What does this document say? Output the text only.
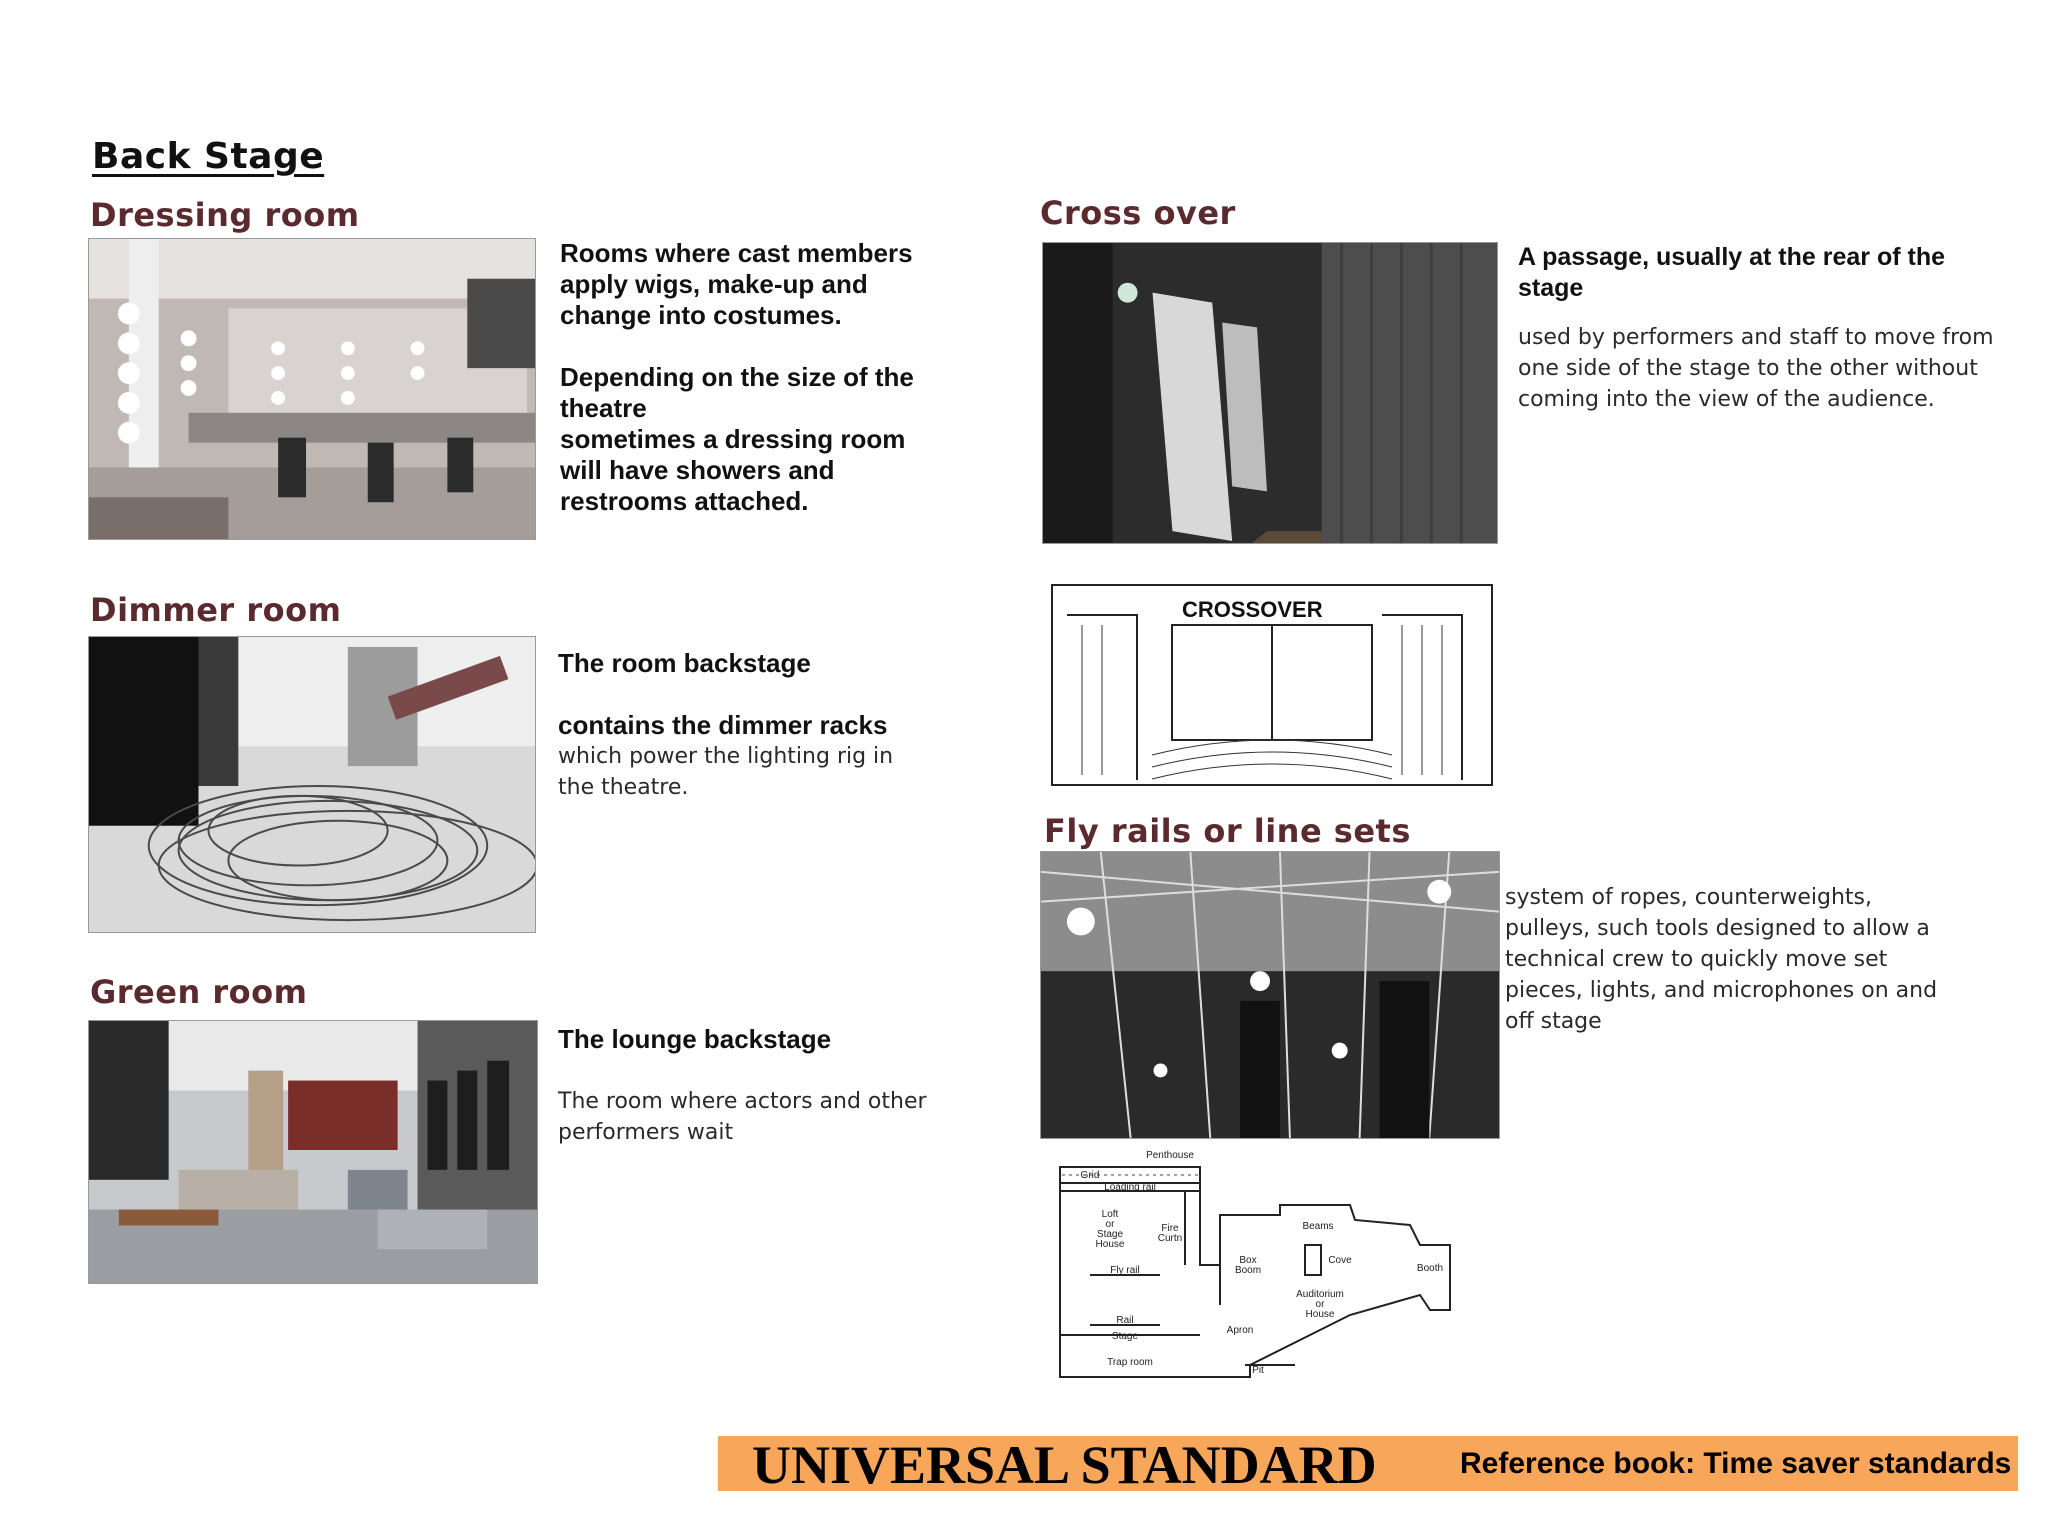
Back Stage
Dressing room
Rooms where cast members
apply wigs, make-up and
change into costumes.
Depending on the size of the
theatre
sometimes a dressing room
will have showers and
restrooms attached.
Dimmer room
The room backstage
contains the dimmer racks
which power the lighting rig in
the theatre.
Green room
The lounge backstage
The room where actors and other
performers wait
Cross over
A passage, usually at the rear of the
stage
used by performers and staff to move from
one side of the stage to the other without
coming into the view of the audience.
CROSSOVER
Fly rails or line sets
system of ropes, counterweights,
pulleys, such tools designed to allow a
technical crew to quickly move set
pieces, lights, and microphones on and
off stage
Penthouse
Grid
Loading rail
Loft
or
Stage
House
Fire
Curtn
Fly rail
Beams
Box
Boom
Cove
Booth
Auditorium
or
House
Rail
Stage
Apron
Trap room
Pit
UNIVERSAL STANDARD	Reference book: Time saver standards
